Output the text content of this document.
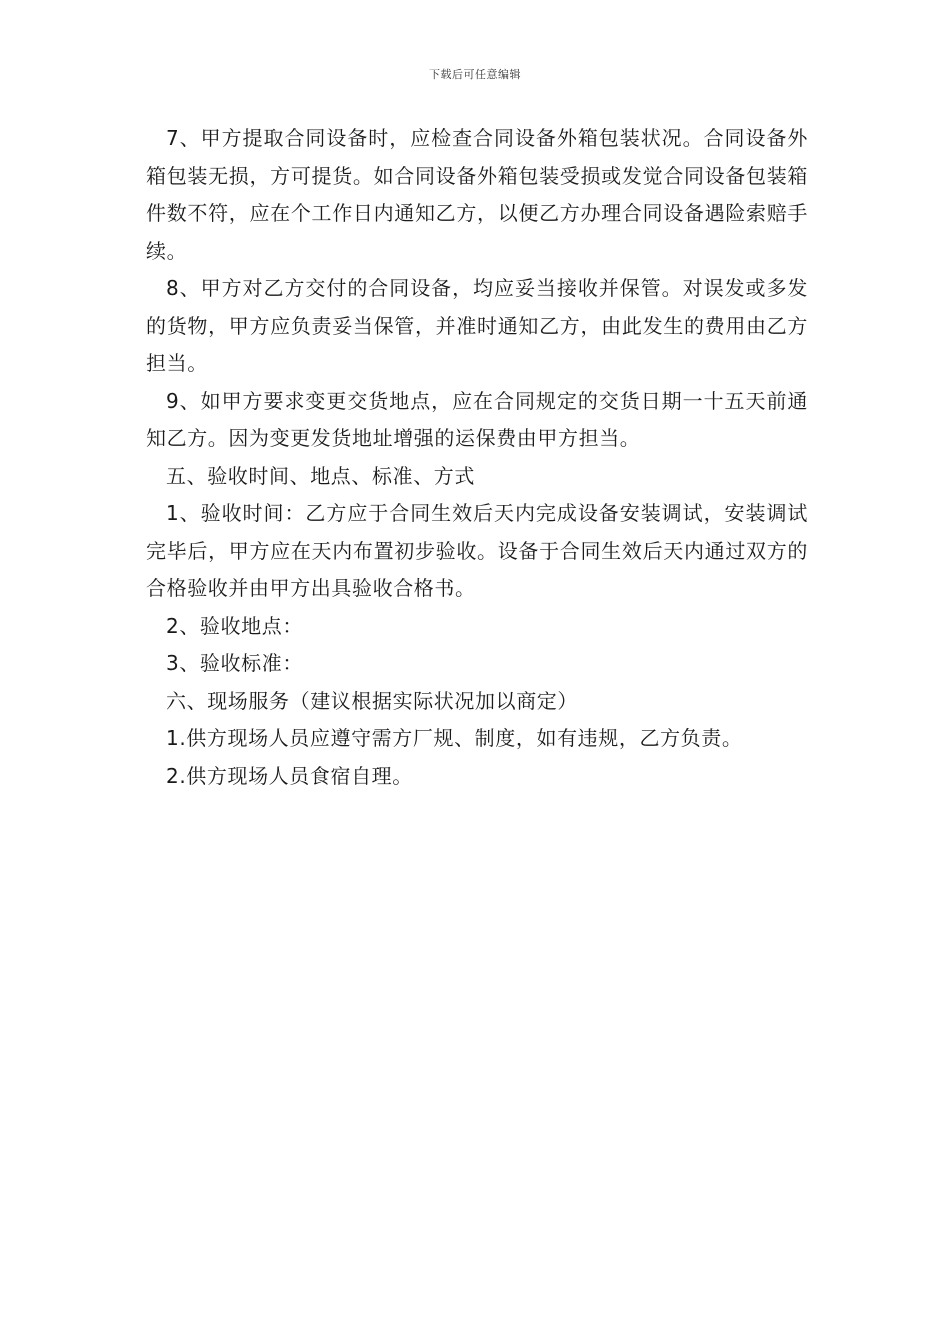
下载后可任意编辑

7、甲方提取合同设备时，应检查合同设备外箱包装状况。合同设备外箱包装无损，方可提货。如合同设备外箱包装受损或发觉合同设备包装箱件数不符，应在个工作日内通知乙方，以便乙方办理合同设备遇险索赔手续。

8、甲方对乙方交付的合同设备，均应妥当接收并保管。对误发或多发的货物，甲方应负责妥当保管，并准时通知乙方，由此发生的费用由乙方担当。

9、如甲方要求变更交货地点，应在合同规定的交货日期一十五天前通知乙方。因为变更发货地址增强的运保费由甲方担当。

五、验收时间、地点、标准、方式

1、验收时间：乙方应于合同生效后天内完成设备安装调试，安装调试完毕后，甲方应在天内布置初步验收。设备于合同生效后天内通过双方的合格验收并由甲方出具验收合格书。

2、验收地点：

3、验收标准：

六、现场服务（建议根据实际状况加以商定）

1.供方现场人员应遵守需方厂规、制度，如有违规，乙方负责。

2.供方现场人员食宿自理。
